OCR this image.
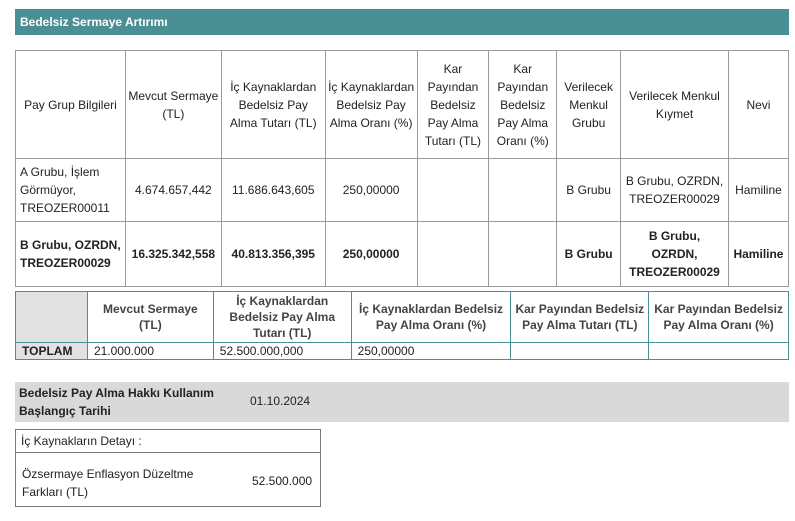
Bedelsiz Sermaye Artırımı
Pay Grup Bilgileri	Mevcut Sermaye (TL)	İç Kaynaklardan Bedelsiz Pay Alma Tutarı (TL)	İç Kaynaklardan Bedelsiz Pay Alma Oranı (%)	Kar Payından Bedelsiz Pay Alma Tutarı (TL)	Kar Payından Bedelsiz Pay Alma Oranı (%)	Verilecek Menkul Grubu	Verilecek Menkul Kıymet	Nevi
A Grubu, İşlem Görmüyor, TREOZER00011	4.674.657,442	11.686.643,605	250,00000			B Grubu	B Grubu, OZRDN, TREOZER00029	Hamiline
B Grubu, OZRDN, TREOZER00029	16.325.342,558	40.813.356,395	250,00000			B Grubu	B Grubu, OZRDN, TREOZER00029	Hamiline
	Mevcut Sermaye (TL)	İç Kaynaklardan Bedelsiz Pay Alma Tutarı (TL)	İç Kaynaklardan Bedelsiz Pay Alma Oranı (%)	Kar Payından Bedelsiz Pay Alma Tutarı (TL)	Kar Payından Bedelsiz Pay Alma Oranı (%)
TOPLAM	21.000.000	52.500.000,000	250,00000		
Bedelsiz Pay Alma Hakkı Kullanım Başlangıç Tarihi
01.10.2024
İç Kaynakların Detayı :
Özsermaye Enflasyon Düzeltme Farkları (TL)
52.500.000
